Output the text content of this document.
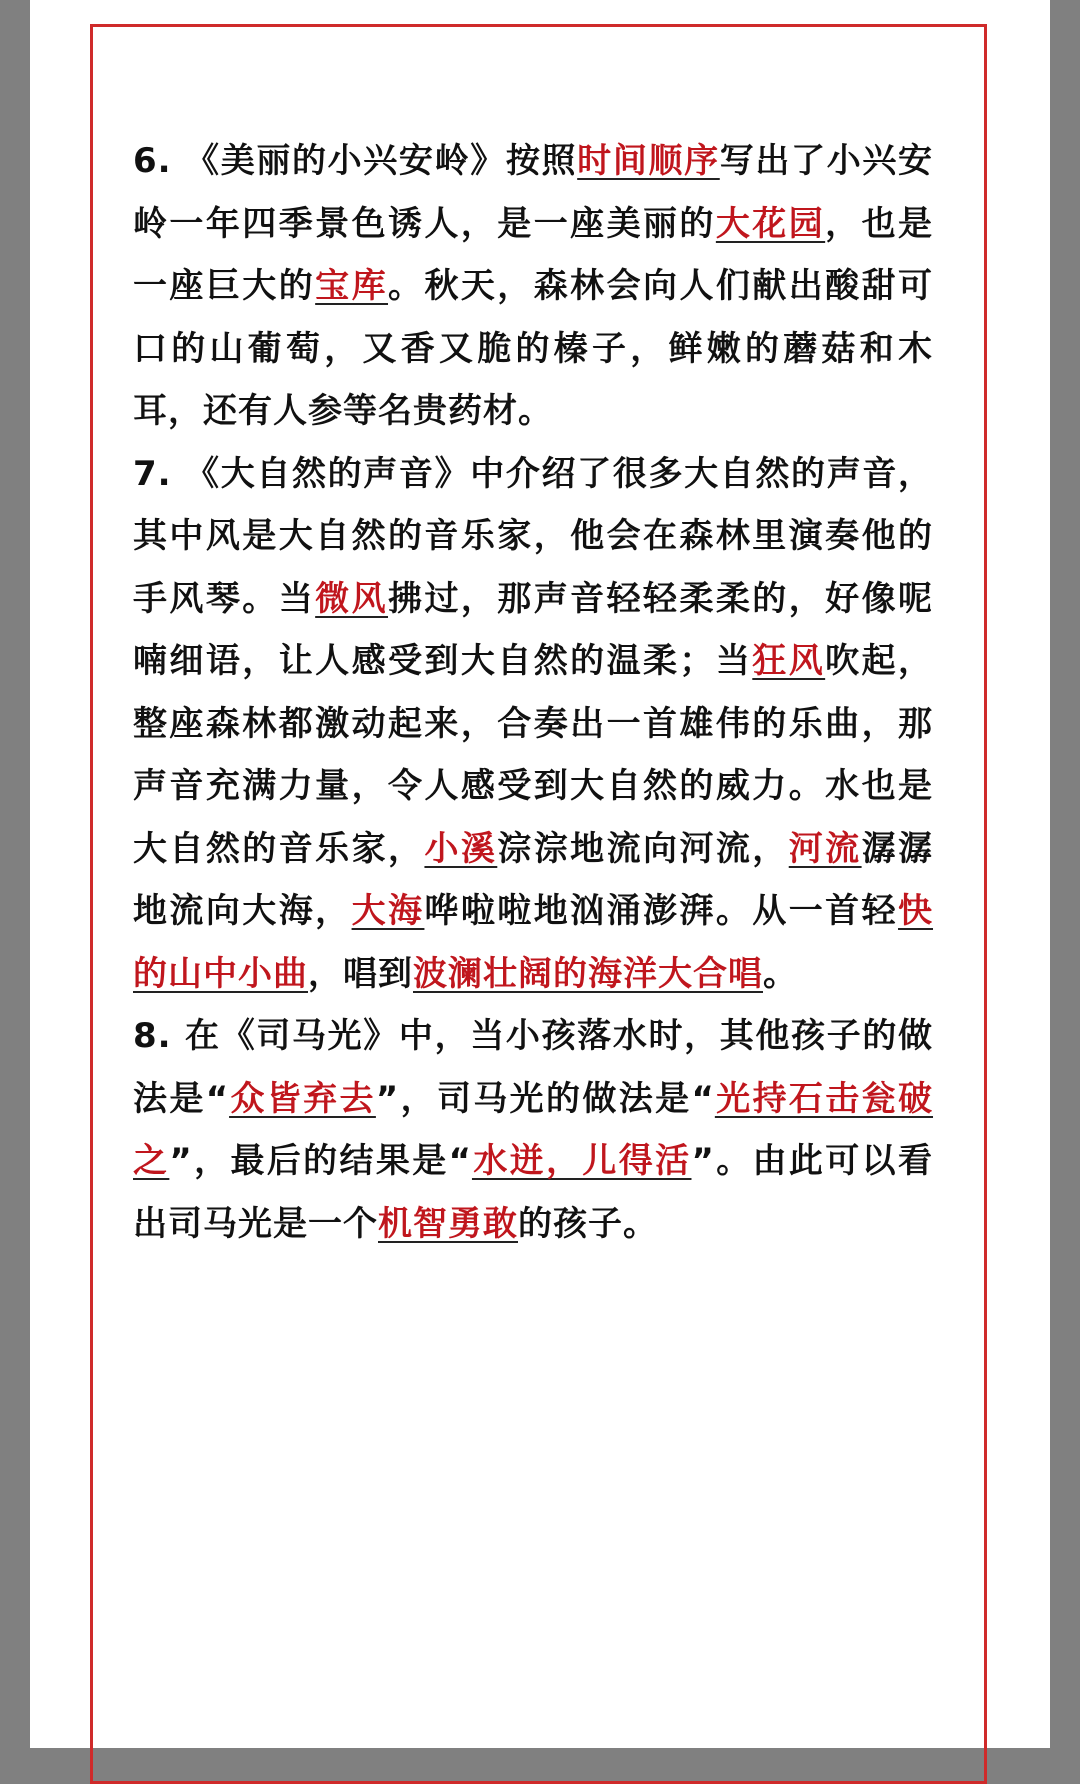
6. 《美丽的小兴安岭》按照时间顺序写出了小兴安岭一年四季景色诱人，是一座美丽的大花园，也是一座巨大的宝库。秋天，森林会向人们献出酸甜可口的山葡萄，又香又脆的榛子，鲜嫩的蘑菇和木耳，还有人参等名贵药材。

7. 《大自然的声音》中介绍了很多大自然的声音，其中风是大自然的音乐家，他会在森林里演奏他的手风琴。当微风拂过，那声音轻轻柔柔的，好像呢喃细语，让人感受到大自然的温柔；当狂风吹起，整座森林都激动起来，合奏出一首雄伟的乐曲，那声音充满力量，令人感受到大自然的威力。水也是大自然的音乐家，小溪淙淙地流向河流，河流潺潺地流向大海，大海哗啦啦地汹涌澎湃。从一首轻快的山中小曲，唱到波澜壮阔的海洋大合唱。

8. 在《司马光》中，当小孩落水时，其他孩子的做法是“众皆弃去”，司马光的做法是“光持石击瓮破之”，最后的结果是“水迸，儿得活”。由此可以看出司马光是一个机智勇敢的孩子。
